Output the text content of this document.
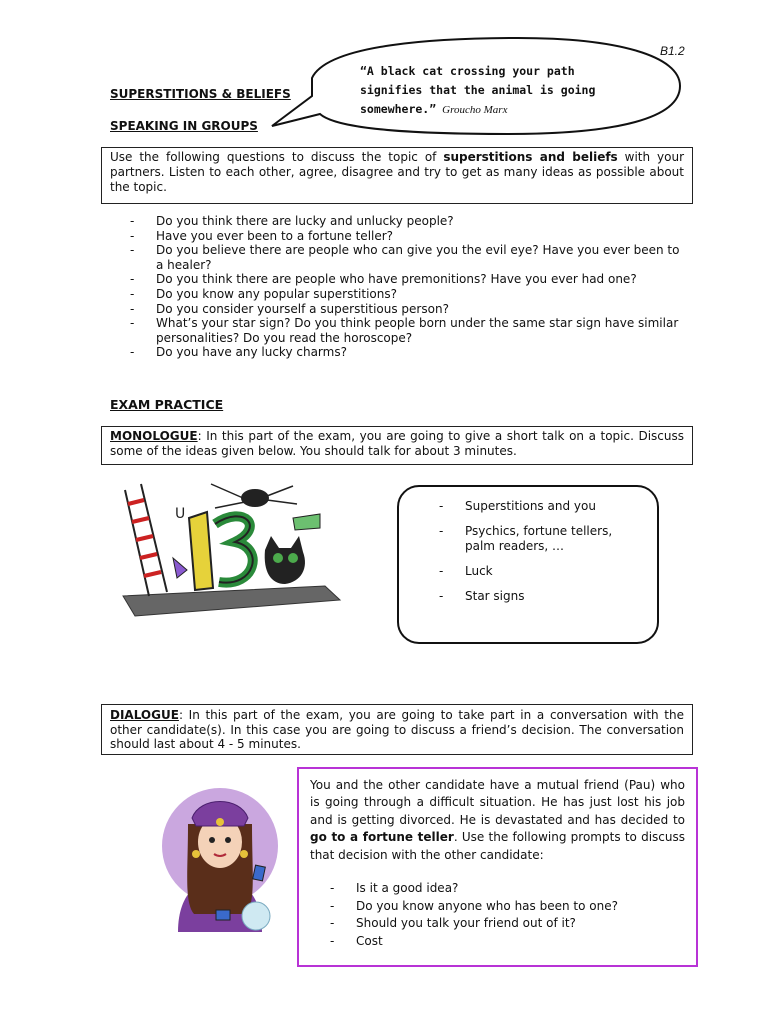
B1.2
“A black cat crossing your path signifies that the animal is going somewhere.” Groucho Marx
SUPERSTITIONS & BELIEFS
SPEAKING IN GROUPS
Use the following questions to discuss the topic of superstitions and beliefs with your partners. Listen to each other, agree, disagree and try to get as many ideas as possible about the topic.
- Do you think there are lucky and unlucky people?
- Have you ever been to a fortune teller?
- Do you believe there are people who can give you the evil eye? Have you ever been to a healer?
- Do you think there are people who have premonitions? Have you ever had one?
- Do you know any popular superstitions?
- Do you consider yourself a superstitious person?
- What’s your star sign? Do you think people born under the same star sign have similar personalities? Do you read the horoscope?
- Do you have any lucky charms?
EXAM PRACTICE
MONOLOGUE: In this part of the exam, you are going to give a short talk on a topic. Discuss some of the ideas given below. You should talk for about 3 minutes.
U
-	Superstitions and you
- Psychics, fortune tellers, palm readers, …
- Luck
- Star signs
DIALOGUE: In this part of the exam, you are going to take part in a conversation with the other candidate(s). In this case you are going to discuss a friend’s decision. The conversation should last about 4 - 5 minutes.
You and the other candidate have a mutual friend (Pau) who is going through a difficult situation. He has just lost his job and is getting divorced. He is devastated and has decided to go to a fortune teller. Use the following prompts to discuss that decision with the other candidate:
- Is it a good idea?
- Do you know anyone who has been to one?
- Should you talk your friend out of it?
- Cost
